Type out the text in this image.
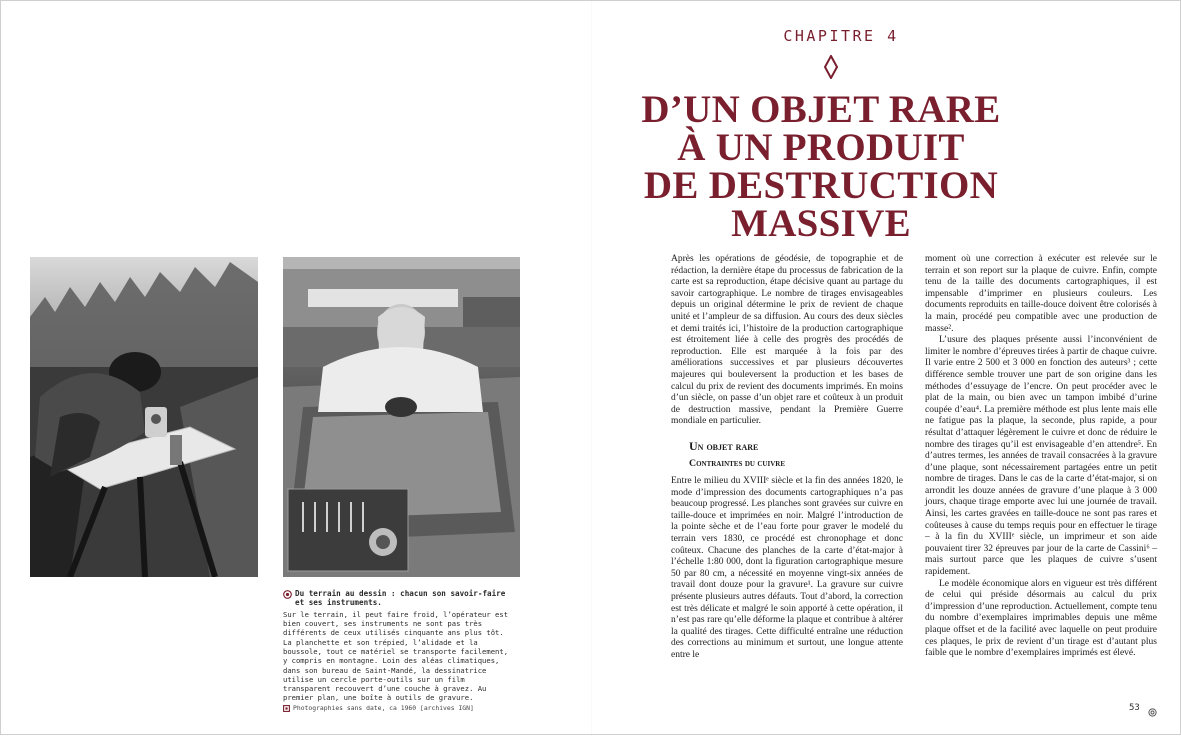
Du terrain au dessin : chacun son savoir-faire et ses instruments.
Sur le terrain, il peut faire froid, l’opérateur est bien couvert, ses instruments ne sont pas très différents de ceux utilisés cinquante ans plus tôt. La planchette et son trépied, l’alidade et la boussole, tout ce matériel se transporte facilement, y compris en montagne. Loin des aléas climatiques, dans son bureau de Saint-Mandé, la dessinatrice utilise un cercle porte-outils sur un film transparent recouvert d’une couche à gravez. Au premier plan, une boîte à outils de gravure.
Photographies sans date, ca 1960 [archives IGN]
CHAPITRE 4
D’UN OBJET RARE
À UN PRODUIT
DE DESTRUCTION
MASSIVE

Après les opérations de géodésie, de topographie et de rédaction, la dernière étape du processus de fabrication de la carte est sa reproduction, étape décisive quant au partage du savoir cartographique. Le nombre de tirages envisageables depuis un original détermine le prix de revient de chaque unité et l’ampleur de sa diffusion. Au cours des deux siècles et demi traités ici, l’histoire de la production cartographique est étroitement liée à celle des progrès des procédés de reproduction. Elle est marquée à la fois par des améliorations successives et par plusieurs découvertes majeures qui bouleversent la production et les bases de calcul du prix de revient des documents imprimés. En moins d’un siècle, on passe d’un objet rare et coûteux à un produit de destruction massive, pendant la Première Guerre mondiale en particulier.

Un objet rare
Contraintes du cuivre

Entre le milieu du XVIIIᵉ siècle et la fin des années 1820, le mode d’impression des documents cartographiques n’a pas beaucoup progressé. Les planches sont gravées sur cuivre en taille-douce et imprimées en noir. Malgré l’introduction de la pointe sèche et de l’eau forte pour graver le modelé du terrain vers 1830, ce procédé est chronophage et donc coûteux. Chacune des planches de la carte d’état-major à l’échelle 1:80 000, dont la figuration cartographique mesure 50 par 80 cm, a nécessité en moyenne vingt-six années de travail dont douze pour la gravure¹. La gravure sur cuivre présente plusieurs autres défauts. Tout d’abord, la correction est très délicate et malgré le soin apporté à cette opération, il n’est pas rare qu’elle déforme la plaque et contribue à altérer la qualité des tirages. Cette difficulté entraîne une réduction des corrections au minimum et surtout, une longue attente entre le

moment où une correction à exécuter est relevée sur le terrain et son report sur la plaque de cuivre. Enfin, compte tenu de la taille des documents cartographiques, il est impensable d’imprimer en plusieurs couleurs. Les documents reproduits en taille-douce doivent être colorisés à la main, procédé peu compatible avec une production de masse².

L’usure des plaques présente aussi l’inconvénient de limiter le nombre d’épreuves tirées à partir de chaque cuivre. Il varie entre 2 500 et 3 000 en fonction des auteurs³ ; cette différence semble trouver une part de son origine dans les méthodes d’essuyage de l’encre. On peut procéder avec le plat de la main, ou bien avec un tampon imbibé d’urine coupée d’eau⁴. La première méthode est plus lente mais elle ne fatigue pas la plaque, la seconde, plus rapide, a pour résultat d’attaquer légèrement le cuivre et donc de réduire le nombre des tirages qu’il est envisageable d’en attendre⁵. En d’autres termes, les années de travail consacrées à la gravure d’une plaque, sont nécessairement partagées entre un petit nombre de tirages. Dans le cas de la carte d’état-major, si on arrondit les douze années de gravure d’une plaque à 3 000 jours, chaque tirage emporte avec lui une journée de travail. Ainsi, les cartes gravées en taille-douce ne sont pas rares et coûteuses à cause du temps requis pour en effectuer le tirage – à la fin du XVIIIᵉ siècle, un imprimeur et son aide pouvaient tirer 32 épreuves par jour de la carte de Cassini⁶ – mais surtout parce que les plaques de cuivre s’usent rapidement.

Le modèle économique alors en vigueur est très différent de celui qui préside désormais au calcul du prix d’impression d’une reproduction. Actuellement, compte tenu du nombre d’exemplaires imprimables depuis une même plaque offset et de la facilité avec laquelle on peut produire ces plaques, le prix de revient d’un tirage est d’autant plus faible que le nombre d’exemplaires imprimés est élevé.

53
